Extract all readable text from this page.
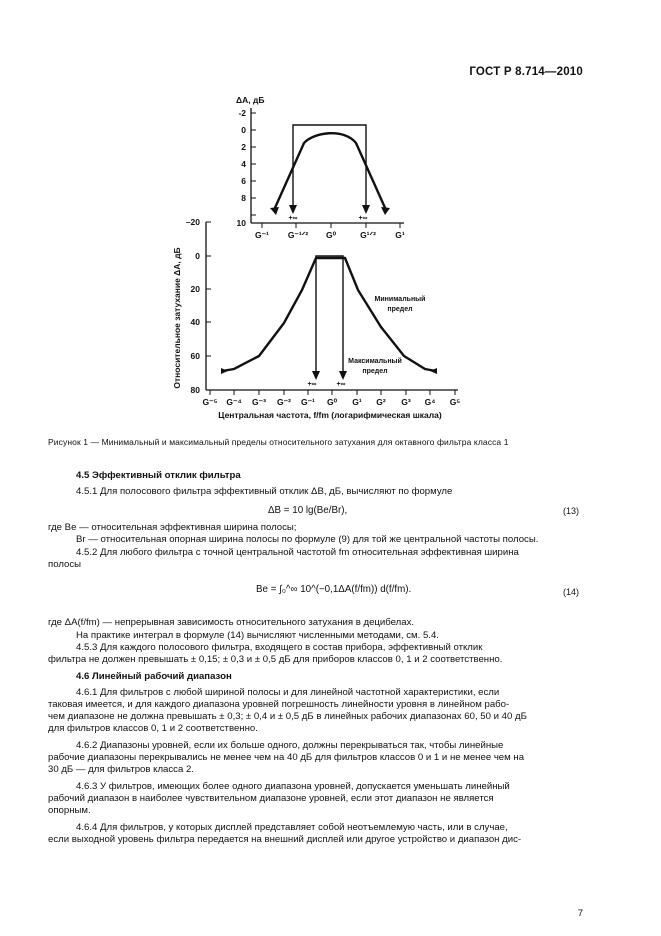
ГОСТ Р 8.714—2010
ΔA, дБ
-2
0
2
4
6
8
10
G⁻¹ G⁻¹ᐟ² G⁰	G¹ᐟ² G¹
+∞	+∞
Относительное затухание ΔA, дБ
–20
0
20
40
60
80
G⁻⁵ G⁻⁴ G⁻³ G⁻² G⁻¹ G⁰ G¹ G² G³ G⁴ G⁵
Центральная частота, f/fm (логарифмическая шкала)
+∞	+∞
Минимальный
предел
Максимальный
предел
Рисунок 1 — Минимальный и максимальный пределы относительного затухания для октавного фильтра класса 1
4.5 Эффективный отклик фильтра
4.5.1 Для полосового фильтра эффективный отклик ΔB, дБ, вычисляют по формуле
ΔB = 10 lg(Be/Br),	(13)
где Be — относительная эффективная ширина полосы;
Br — относительная опорная ширина полосы по формуле (9) для той же центральной частоты полосы.
4.5.2 Для любого фильтра с точной центральной частотой fm относительная эффективная ширина
полосы
Be = ∫₀^∞ 10^(−0,1ΔA(f/fm)) d(f/fm).	(14)
где ΔA(f/fm) — непрерывная зависимость относительного затухания в децибелах.
На практике интеграл в формуле (14) вычисляют численными методами, см. 5.4.
4.5.3 Для каждого полосового фильтра, входящего в состав прибора, эффективный отклик
фильтра не должен превышать ± 0,15; ± 0,3 и ± 0,5 дБ для приборов классов 0, 1 и 2 соответственно.
4.6 Линейный рабочий диапазон
4.6.1 Для фильтров с любой шириной полосы и для линейной частотной характеристики, если
таковая имеется, и для каждого диапазона уровней погрешность линейности уровня в линейном рабо-
чем диапазоне не должна превышать ± 0,3; ± 0,4 и ± 0,5 дБ в линейных рабочих диапазонах 60, 50 и 40 дБ
для фильтров классов 0, 1 и 2 соответственно.
4.6.2 Диапазоны уровней, если их больше одного, должны перекрываться так, чтобы линейные
рабочие диапазоны перекрывались не менее чем на 40 дБ для фильтров классов 0 и 1 и не менее чем на
30 дБ — для фильтров класса 2.
4.6.3 У фильтров, имеющих более одного диапазона уровней, допускается уменьшать линейный
рабочий диапазон в наиболее чувствительном диапазоне уровней, если этот диапазон не является
опорным.
4.6.4 Для фильтров, у которых дисплей представляет собой неотъемлемую часть, или в случае,
если выходной уровень фильтра передается на внешний дисплей или другое устройство и диапазон дис-
7
